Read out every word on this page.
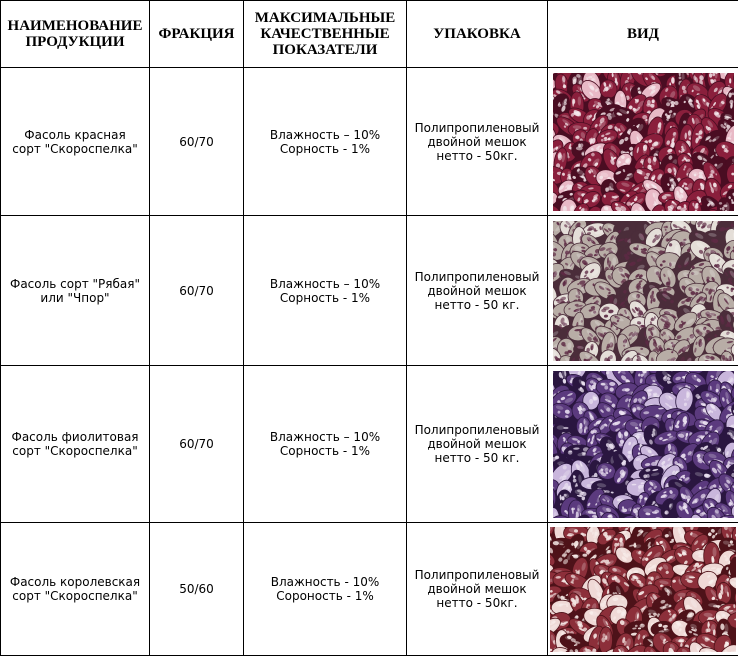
НАИМЕНОВАНИЕ
ПРОДУКЦИИ	ФРАКЦИЯ	МАКСИМАЛЬНЫЕ
КАЧЕСТВЕННЫЕ
ПОКАЗАТЕЛИ	УПАКОВКА	ВИД

Фасоль красная
сорт "Скороспелка"	60/70	Влажность – 10%
Сорность - 1%	Полипропиленовый
двойной мешок
нетто - 50кг.

Фасоль сорт "Рябая"
или "Чпор"	60/70	Влажность – 10%
Сорность - 1%	Полипропиленовый
двойной мешок
нетто - 50 кг.

Фасоль фиолитовая
сорт "Скороспелка"	60/70	Влажность – 10%
Сорность - 1%	Полипропиленовый
двойной мешок
нетто - 50 кг.

Фасоль королевская
сорт "Скороспелка"	50/60	Влажность - 10%
Сороность - 1%	Полипропиленовый
двойной мешок
нетто - 50кг.
